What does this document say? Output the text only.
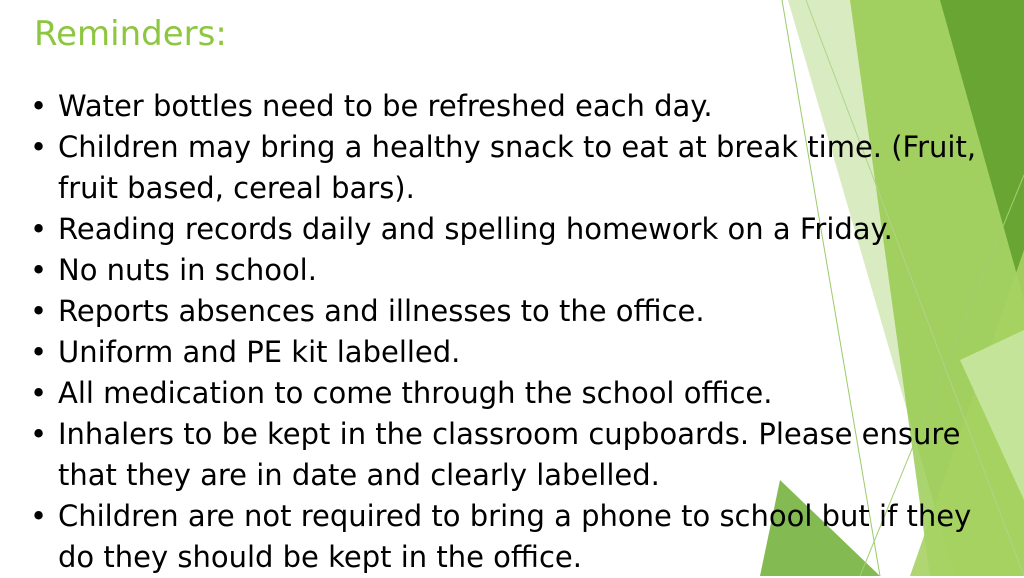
Reminders:
• Water bottles need to be refreshed each day.
• Children may bring a healthy snack to eat at break time. (Fruit, fruit based, cereal bars).
• Reading records daily and spelling homework on a Friday.
• No nuts in school.
• Reports absences and illnesses to the office.
• Uniform and PE kit labelled.
• All medication to come through the school office.
• Inhalers to be kept in the classroom cupboards. Please ensure that they are in date and clearly labelled.
• Children are not required to bring a phone to school but if they do they should be kept in the office.
